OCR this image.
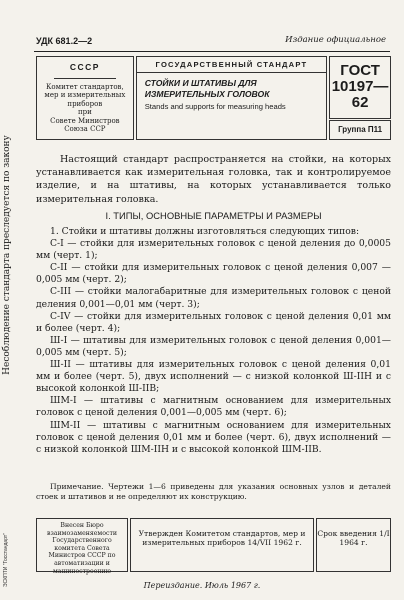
УДК 681.2—2	Издание официальное
СССР
Комитет стандартов,
мер и измерительных
приборов
при
Совете Министров
Союза ССР
ГОСУДАРСТВЕННЫЙ СТАНДАРТ
СТОЙКИ И ШТАТИВЫ ДЛЯ ИЗМЕРИТЕЛЬНЫХ ГОЛОВОК
Stands and supports for measuring heads
ГОСТ
10197—62
Группа П11
Настоящий стандарт распространяется на стойки, на которых устанавливается как измерительная головка, так и контролируемое изделие, и на штативы, на которых устанавливается только измерительная головка.
I. ТИПЫ, ОСНОВНЫЕ ПАРАМЕТРЫ И РАЗМЕРЫ

1. Стойки и штативы должны изготовляться следующих типов:

С-I — стойки для измерительных головок с ценой деления до 0,0005 мм (черт. 1);

С-II — стойки для измерительных головок с ценой деления 0,007 — 0,005 мм (черт. 2);

С-III — стойки малогабаритные для измерительных головок с ценой деления 0,001—0,01 мм (черт. 3);

С-IV — стойки для измерительных головок с ценой деления 0,01 мм и более (черт. 4);

Ш-I — штативы для измерительных головок с ценой деления 0,001—0,005 мм (черт. 5);

Ш-II — штативы для измерительных головок с ценой деления 0,01 мм и более (черт. 5), двух исполнений — с низкой колонкой Ш-IIН и с высокой колонкой Ш-IIВ;

ШМ-I — штативы с магнитным основанием для измерительных головок с ценой деления 0,001—0,005 мм (черт. 6);

ШМ-II — штативы с магнитным основанием для измерительных головок с ценой деления 0,01 мм и более (черт. 6), двух исполнений — с низкой колонкой ШМ-IIН и с высокой колонкой ШМ-IIВ.

Примечание. Чертежи 1—6 приведены для указания основных узлов и деталей стоек и штативов и не определяют их конструкцию.
Внесен Бюро взаимозаменяемости Государственного комитета Совета Министров СССР по автоматизации и машиностроению
Утвержден Комитетом стандартов, мер и измерительных приборов 14/VII 1962 г.
Срок введения 1/I 1964 г.
Переиздание. Июль 1967 г.
Несоблюдение стандарта преследуется по закону
ЭСКПТИ "Госстандарт"
